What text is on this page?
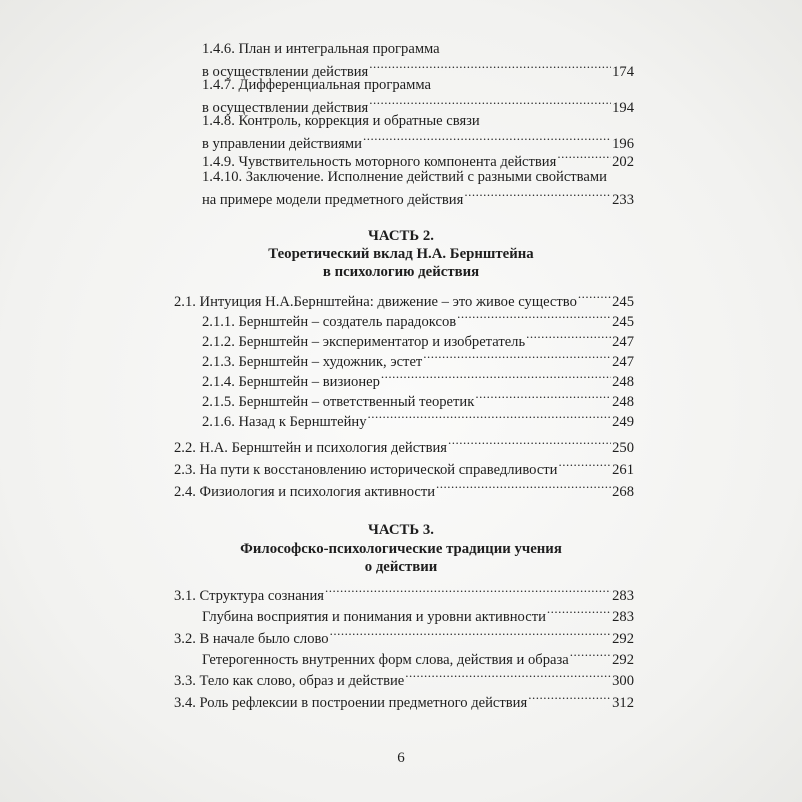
1.4.6. План и интегральная программа
в осуществлении действия .....	174
1.4.7. Дифференциальная программа
в осуществлении действия .....	194
1.4.8. Контроль, коррекция и обратные связи
в управлении действиями .....	196
1.4.9. Чувствительность моторного компонента действия .....	202
1.4.10. Заключение. Исполнение действий с разными свойствами
на примере модели предметного действия .....	233
ЧАСТЬ 2.
Теоретический вклад Н.А. Бернштейна
в психологию действия
2.1. Интуиция Н.А.Бернштейна: движение – это живое существо ..... 245
2.1.1. Бернштейн – создатель парадоксов .....	245
2.1.2. Бернштейн – экспериментатор и изобретатель .....	247
2.1.3. Бернштейн – художник, эстет .....	247
2.1.4. Бернштейн – визионер .....	248
2.1.5. Бернштейн – ответственный теоретик .....	248
2.1.6. Назад к Бернштейну .....	249
2.2. Н.А. Бернштейн и психология действия .....	250
2.3. На пути к восстановлению исторической справедливости .....	261
2.4. Физиология и психология активности .....	268
ЧАСТЬ 3.
Философско-психологические традиции учения
о действии
3.1. Структура сознания .....	283
Глубина восприятия и понимания и уровни активности .....	283
3.2. В начале было слово .....	292
Гетерогенность внутренних форм слова, действия и образа .....	292
3.3. Тело как слово, образ и действие .....	300
3.4. Роль рефлексии в построении предметного действия .....	312
6
